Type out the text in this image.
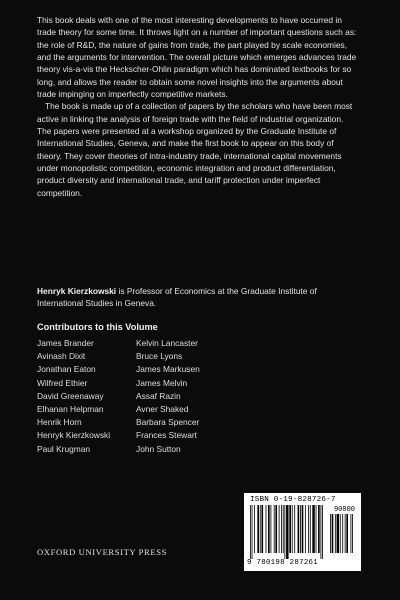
This book deals with one of the most interesting developments to have occurred in trade theory for some time. It throws light on a number of important questions such as: the role of R&D, the nature of gains from trade, the part played by scale economies, and the arguments for intervention. The overall picture which emerges advances trade theory vis-a-vis the Heckscher-Ohlin paradigm which has dominated textbooks for so long, and allows the reader to obtain some novel insights into the arguments about trade impinging on imperfectly competitive markets.

The book is made up of a collection of papers by the scholars who have been most active in linking the analysis of foreign trade with the field of industrial organization. The papers were presented at a workshop organized by the Graduate Institute of International Studies, Geneva, and make the first book to appear on this body of theory. They cover theories of intra-industry trade, international capital movements under monopolistic competition, economic integration and product differentiation, product diversity and international trade, and tariff protection under imperfect competition.

Henryk Kierzkowski is Professor of Economics at the Graduate Institute of International Studies in Geneva.
Contributors to this Volume
James Brander
Avinash Dixit
Jonathan Eaton
Wilfred Ethier
David Greenaway
Elhanan Helpman
Henrik Horn
Henryk Kierzkowski
Paul Krugman
Kelvin Lancaster
Bruce Lyons
James Markusen
James Melvin
Assaf Razin
Avner Shaked
Barbara Spencer
Frances Stewart
John Sutton
OXFORD UNIVERSITY PRESS
ISBN 0-19-828726-7
90000
9 780198 287261
